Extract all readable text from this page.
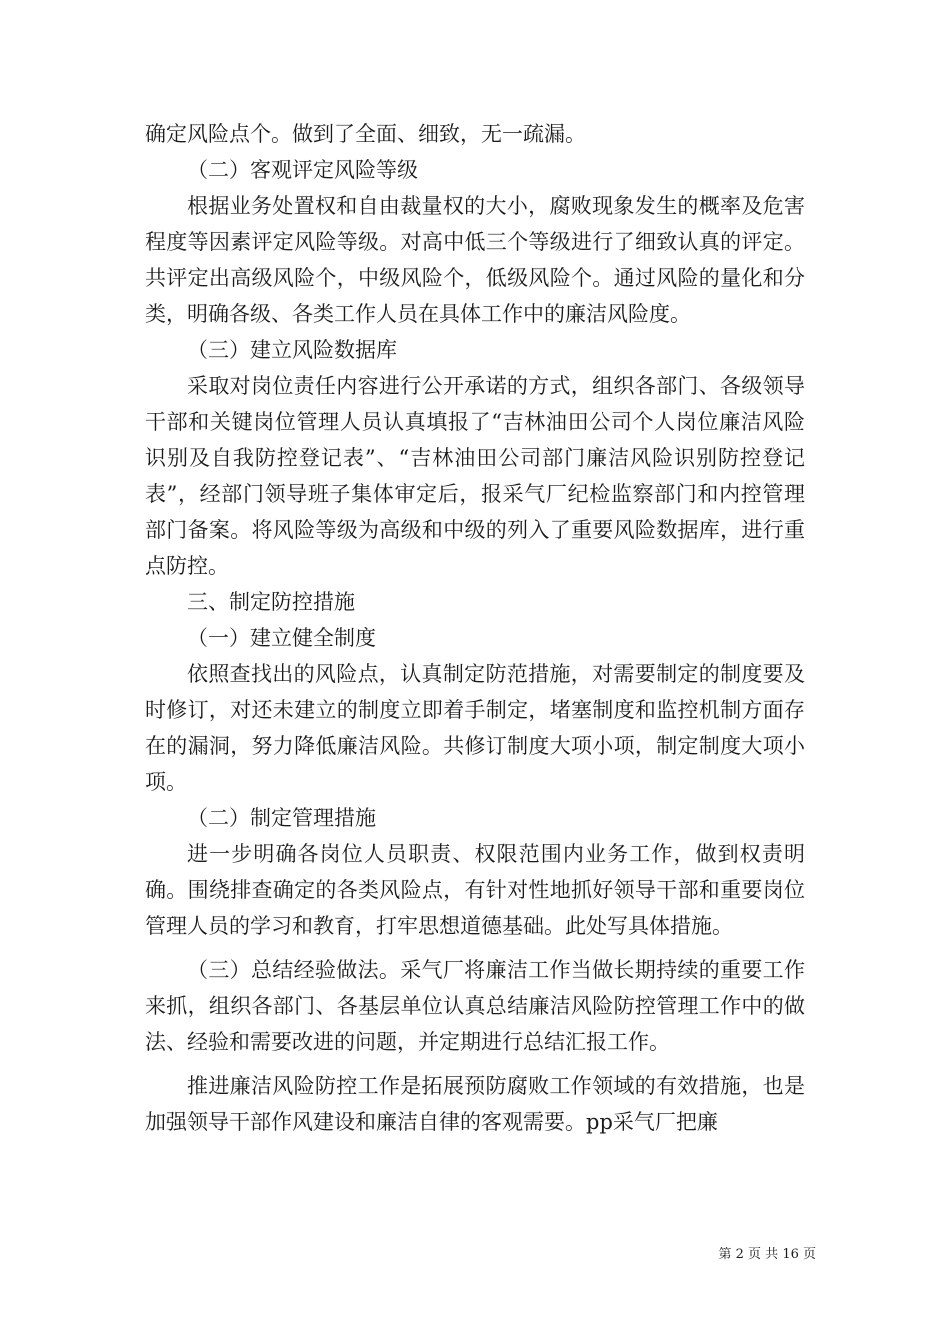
确定风险点个。做到了全面、细致，无一疏漏。

（二）客观评定风险等级

根据业务处置权和自由裁量权的大小，腐败现象发生的概率及危害程度等因素评定风险等级。对高中低三个等级进行了细致认真的评定。共评定出高级风险个，中级风险个，低级风险个。通过风险的量化和分类，明确各级、各类工作人员在具体工作中的廉洁风险度。

（三）建立风险数据库

采取对岗位责任内容进行公开承诺的方式，组织各部门、各级领导干部和关键岗位管理人员认真填报了“吉林油田公司个人岗位廉洁风险识别及自我防控登记表”、“吉林油田公司部门廉洁风险识别防控登记表”，经部门领导班子集体审定后，报采气厂纪检监察部门和内控管理部门备案。将风险等级为高级和中级的列入了重要风险数据库，进行重点防控。

三、制定防控措施

（一）建立健全制度

依照查找出的风险点，认真制定防范措施，对需要制定的制度要及时修订，对还未建立的制度立即着手制定，堵塞制度和监控机制方面存在的漏洞，努力降低廉洁风险。共修订制度大项小项，制定制度大项小项。

（二）制定管理措施

进一步明确各岗位人员职责、权限范围内业务工作，做到权责明确。围绕排查确定的各类风险点，有针对性地抓好领导干部和重要岗位管理人员的学习和教育，打牢思想道德基础。此处写具体措施。

（三）总结经验做法。采气厂将廉洁工作当做长期持续的重要工作来抓，组织各部门、各基层单位认真总结廉洁风险防控管理工作中的做法、经验和需要改进的问题，并定期进行总结汇报工作。

推进廉洁风险防控工作是拓展预防腐败工作领域的有效措施，也是加强领导干部作风建设和廉洁自律的客观需要。pp采气厂把廉

第 2 页 共 16 页
